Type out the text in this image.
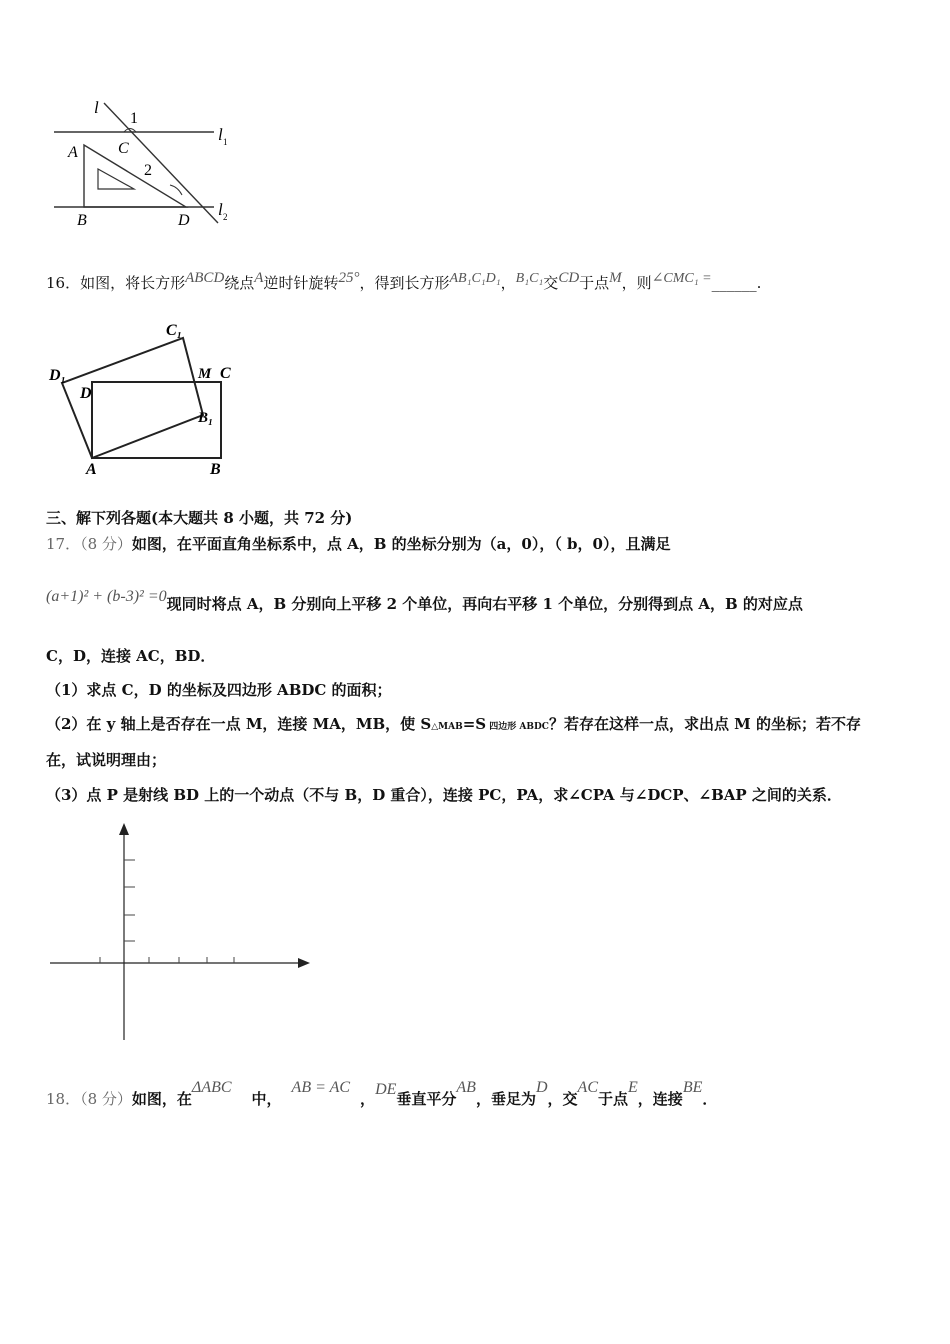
l
1
l 1
A	C
2
B	D
l 2
16．如图，将长方形ABCD绕点A逆时针旋转25°，得到长方形AB₁C₁D₁，B₁C₁交CD于点M，则∠CMC₁ =______.
C₁
D₁	M C
D
B₁
A	B
三、解下列各题(本大题共 8 小题，共 72 分)
17．（8 分）如图，在平面直角坐标系中，点 A，B 的坐标分别为（a，0），（ b，0），且满足
(a+1)² + (b-3)² =0现同时将点 A，B 分别向上平移 2 个单位，再向右平移 1 个单位，分别得到点 A，B 的对应点
C，D，连接 AC，BD．
（1）求点 C，D 的坐标及四边形 ABDC 的面积；
（2）在 y 轴上是否存在一点 M，连接 MA，MB，使 S△MAB=S 四边形 ABDC？若存在这样一点，求出点 M 的坐标；若不存
在，试说明理由；
（3）点 P 是射线 BD 上的一个动点（不与 B，D 重合），连接 PC，PA，求∠CPA 与∠DCP、∠BAP 之间的关系．
18．（8 分）如图，在ΔABC中，AB = AC，DE垂直平分AB，垂足为D，交AC于点E，连接BE．
